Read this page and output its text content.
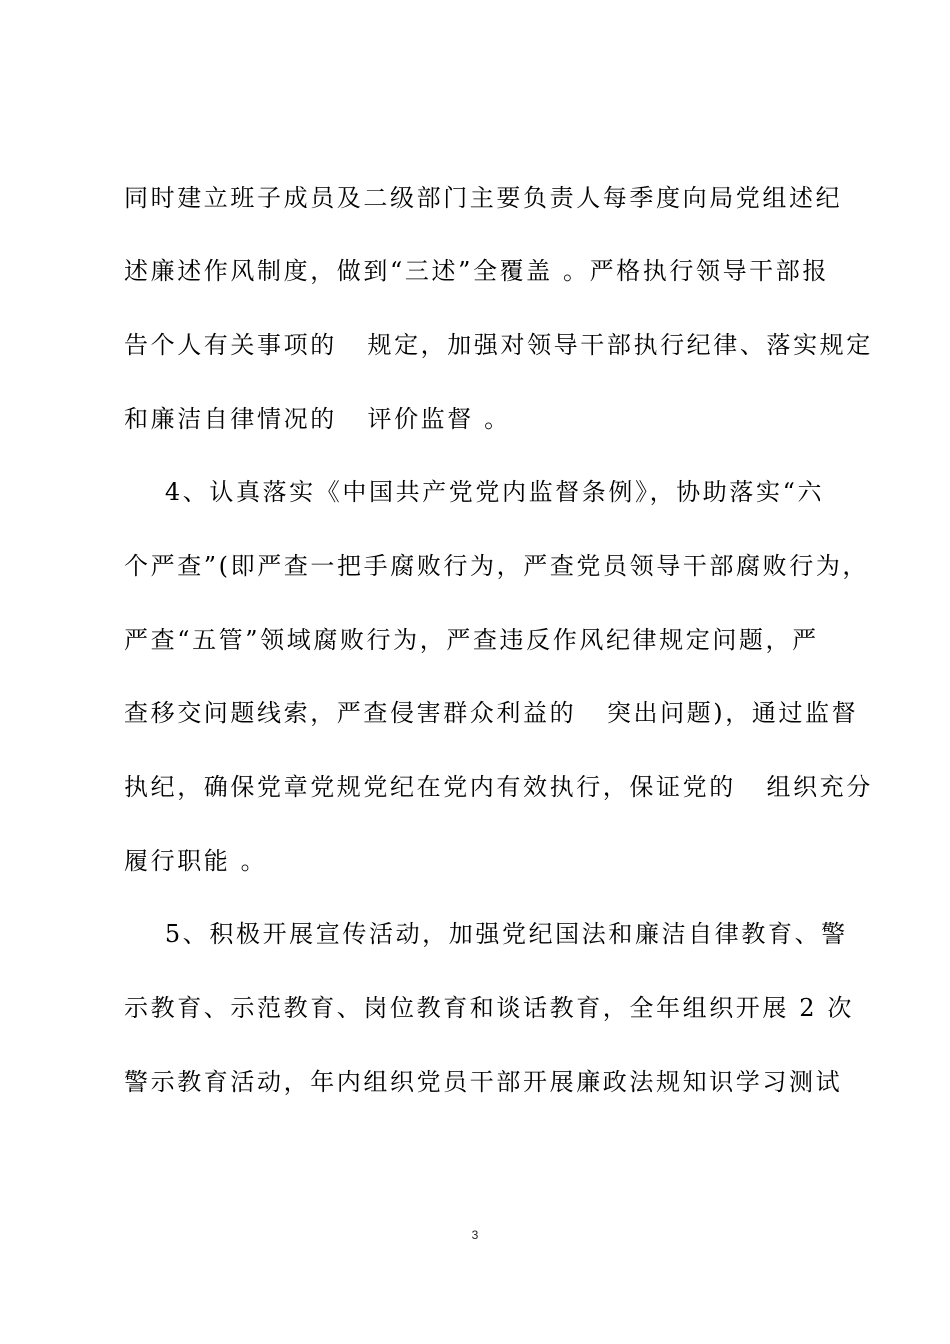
同时建立班子成员及二级部门主要负责人每季度向局党组述纪
述廉述作风制度，做到“三述”全覆盖 。严格执行领导干部报
告个人有关事项的   规定，加强对领导干部执行纪律、落实规定
和廉洁自律情况的   评价监督 。
4、认真落实《中国共产党党内监督条例》，协助落实“六
个严查”(即严查一把手腐败行为，严查党员领导干部腐败行为，
严查“五管”领域腐败行为，严查违反作风纪律规定问题，严
查移交问题线索，严查侵害群众利益的   突出问题)，通过监督
执纪，确保党章党规党纪在党内有效执行，保证党的   组织充分
履行职能 。
5、积极开展宣传活动，加强党纪国法和廉洁自律教育、警
示教育、示范教育、岗位教育和谈话教育，全年组织开展 2 次
警示教育活动，年内组织党员干部开展廉政法规知识学习测试
3
